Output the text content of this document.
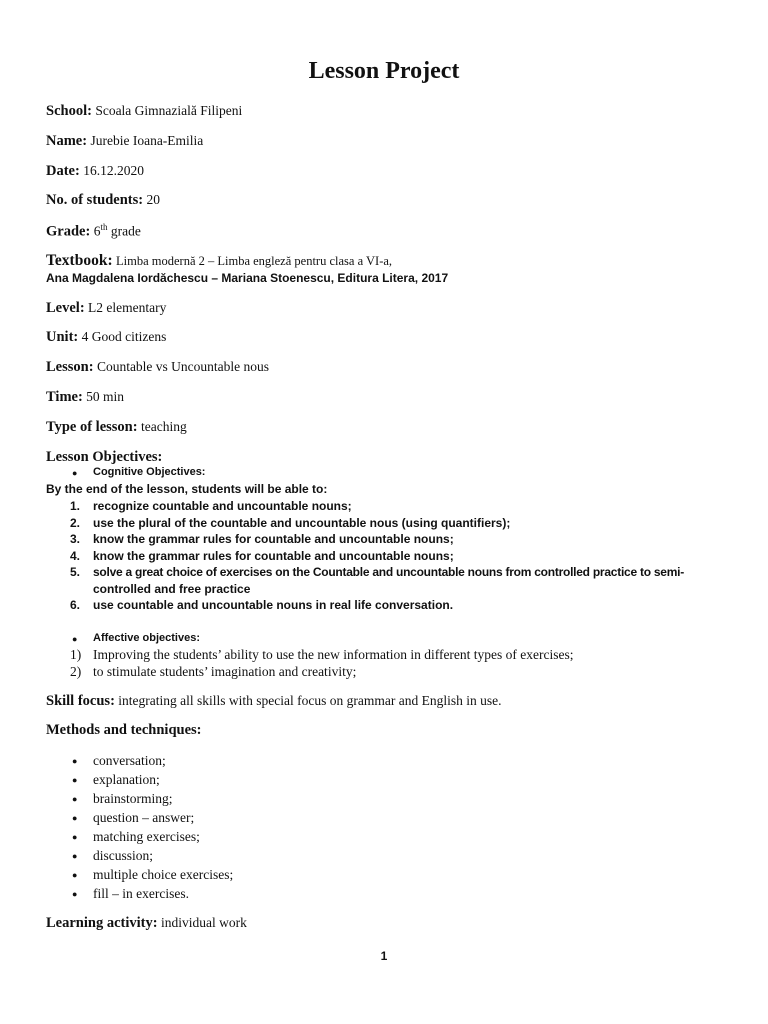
Lesson Project
School: Scoala Gimnazială Filipeni
Name: Jurebie Ioana-Emilia
Date: 16.12.2020
No. of students: 20
Grade: 6th grade
Textbook: Limba modernă 2 – Limba engleză pentru clasa a VI-a,
Ana Magdalena Iordăchescu – Mariana Stoenescu, Editura Litera, 2017
Level: L2 elementary
Unit: 4 Good citizens
Lesson: Countable vs Uncountable nous
Time: 50 min
Type of lesson: teaching
Lesson Objectives:
● Cognitive Objectives:
By the end of the lesson, students will be able to:
1. recognize countable and uncountable nouns;
2. use the plural of the countable and uncountable nous (using quantifiers);
3. know the grammar rules for countable and uncountable nouns;
4. know the grammar rules for countable and uncountable nouns;
5. solve a great choice of exercises on the Countable and uncountable nouns from controlled practice to semi-
controlled and free practice
6. use countable and uncountable nouns in real life conversation.
● Affective objectives:
1) Improving the students’ ability to use the new information in different types of exercises;
2) to stimulate students’ imagination and creativity;
Skill focus: integrating all skills with special focus on grammar and English in use.
Methods and techniques:
● conversation;
● explanation;
● brainstorming;
● question – answer;
● matching exercises;
● discussion;
● multiple choice exercises;
● fill – in exercises.
Learning activity: individual work
1
